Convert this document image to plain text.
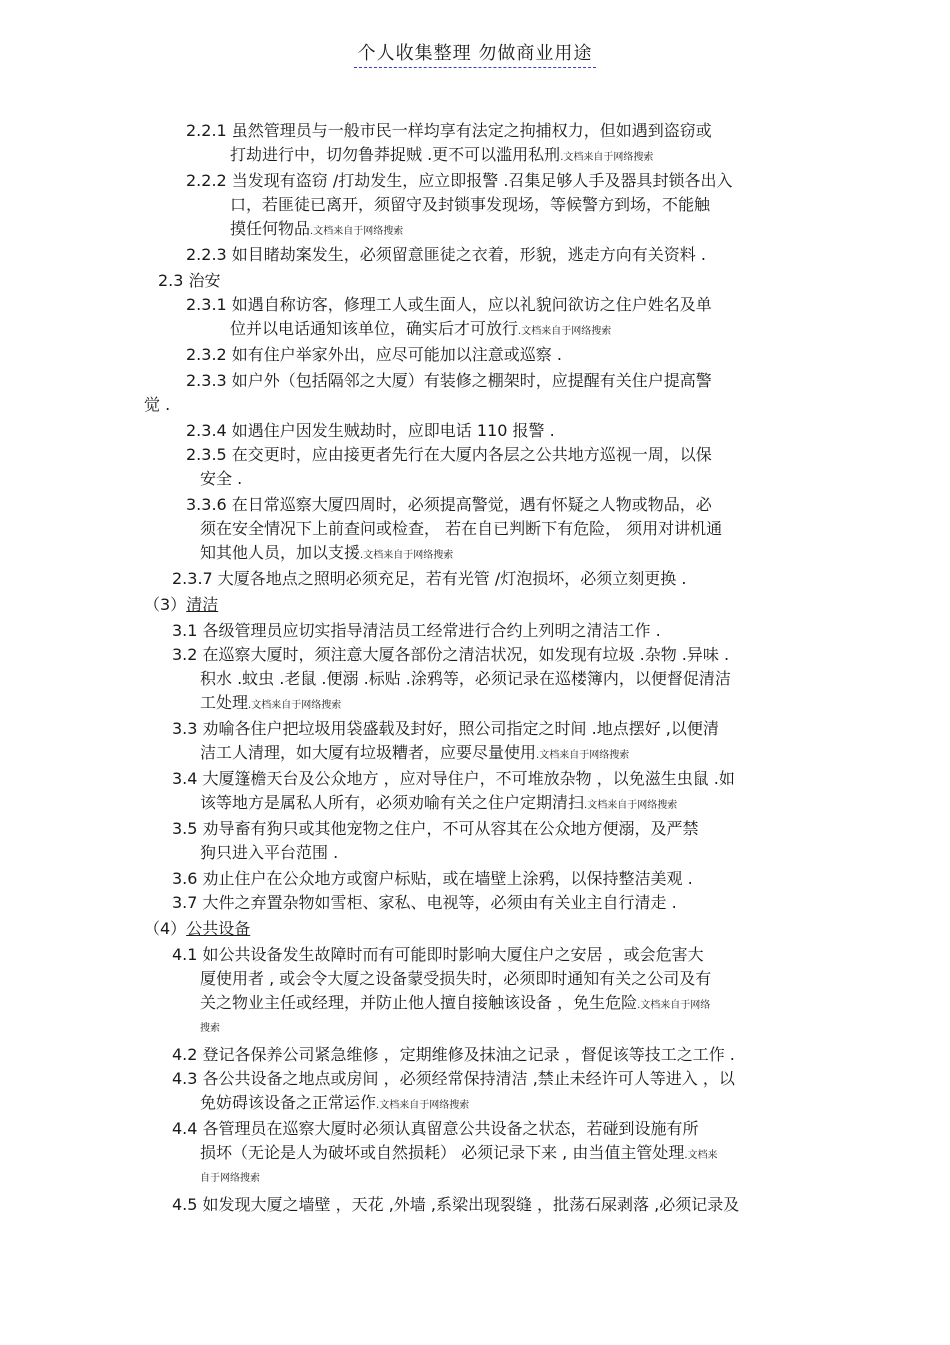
个人收集整理 勿做商业用途
2.2.1 虽然管理员与一般市民一样均享有法定之拘捕权力，但如遇到盗窃或
打劫进行中，切勿鲁莽捉贼 .更不可以滥用私刑.文档来自于网络搜索
2.2.2 当发现有盗窃 /打劫发生，应立即报警 .召集足够人手及器具封锁各出入
口，若匪徒已离开，须留守及封锁事发现场，等候警方到场，不能触
摸任何物品.文档来自于网络搜索
2.2.3 如目睹劫案发生，必须留意匪徒之衣着，形貌，逃走方向有关资料 .
2.3 治安
2.3.1 如遇自称访客，修理工人或生面人，应以礼貌问欲访之住户姓名及单
位并以电话通知该单位，确实后才可放行.文档来自于网络搜索
2.3.2 如有住户举家外出，应尽可能加以注意或巡察 .
2.3.3 如户外（包括隔邻之大厦）有装修之棚架时，应提醒有关住户提高警
觉 .
2.3.4 如遇住户因发生贼劫时，应即电话 110 报警 .
2.3.5 在交更时，应由接更者先行在大厦内各层之公共地方巡视一周，以保
安全 .
3.3.6 在日常巡察大厦四周时，必须提高警觉，遇有怀疑之人物或物品，必
须在安全情况下上前查问或检查， 若在自已判断下有危险， 须用对讲机通
知其他人员，加以支援.文档来自于网络搜索
2.3.7 大厦各地点之照明必须充足，若有光管 /灯泡损坏，必须立刻更换 .
（3）清洁
3.1 各级管理员应切实指导清洁员工经常进行合约上列明之清洁工作 .
3.2 在巡察大厦时，须注意大厦各部份之清洁状况，如发现有垃圾 .杂物 .异味 .
积水 .蚊虫 .老鼠 .便溺 .标贴 .涂鸦等，必须记录在巡楼簿内，以便督促清洁
工处理.文档来自于网络搜索
3.3 劝喻各住户把垃圾用袋盛载及封好，照公司指定之时间 .地点摆好 ,以便清
洁工人清理，如大厦有垃圾糟者，应要尽量使用.文档来自于网络搜索
3.4 大厦篷檐天台及公众地方 ，应对导住户，不可堆放杂物 ，以免滋生虫鼠 .如
该等地方是属私人所有，必须劝喻有关之住户定期清扫.文档来自于网络搜索
3.5 劝导畜有狗只或其他宠物之住户，不可从容其在公众地方便溺，及严禁
狗只进入平台范围 .
3.6 劝止住户在公众地方或窗户标贴，或在墙壁上涂鸦，以保持整洁美观 .
3.7 大件之弃置杂物如雪柜、家私、电视等，必须由有关业主自行清走 .
（4）公共设备
4.1 如公共设备发生故障时而有可能即时影响大厦住户之安居 ，或会危害大
厦使用者 , 或会令大厦之设备蒙受损失时，必须即时通知有关之公司及有
关之物业主任或经理，并防止他人擅自接触该设备 ，免生危险.文档来自于网络
搜索
4.2 登记各保养公司紧急维修 ，定期维修及抹油之记录 ，督促该等技工之工作 .
4.3 各公共设备之地点或房间 ，必须经常保持清洁 ,禁止未经许可人等进入 ，以
免妨碍该设备之正常运作.文档来自于网络搜索
4.4 各管理员在巡察大厦时必须认真留意公共设备之状态，若碰到设施有所
损坏（无论是人为破坏或自然损耗） 必须记录下来 , 由当值主管处理.文档来
自于网络搜索
4.5 如发现大厦之墙壁 ，天花 ,外墙 ,系梁出现裂缝 ，批荡石屎剥落 ,必须记录及
